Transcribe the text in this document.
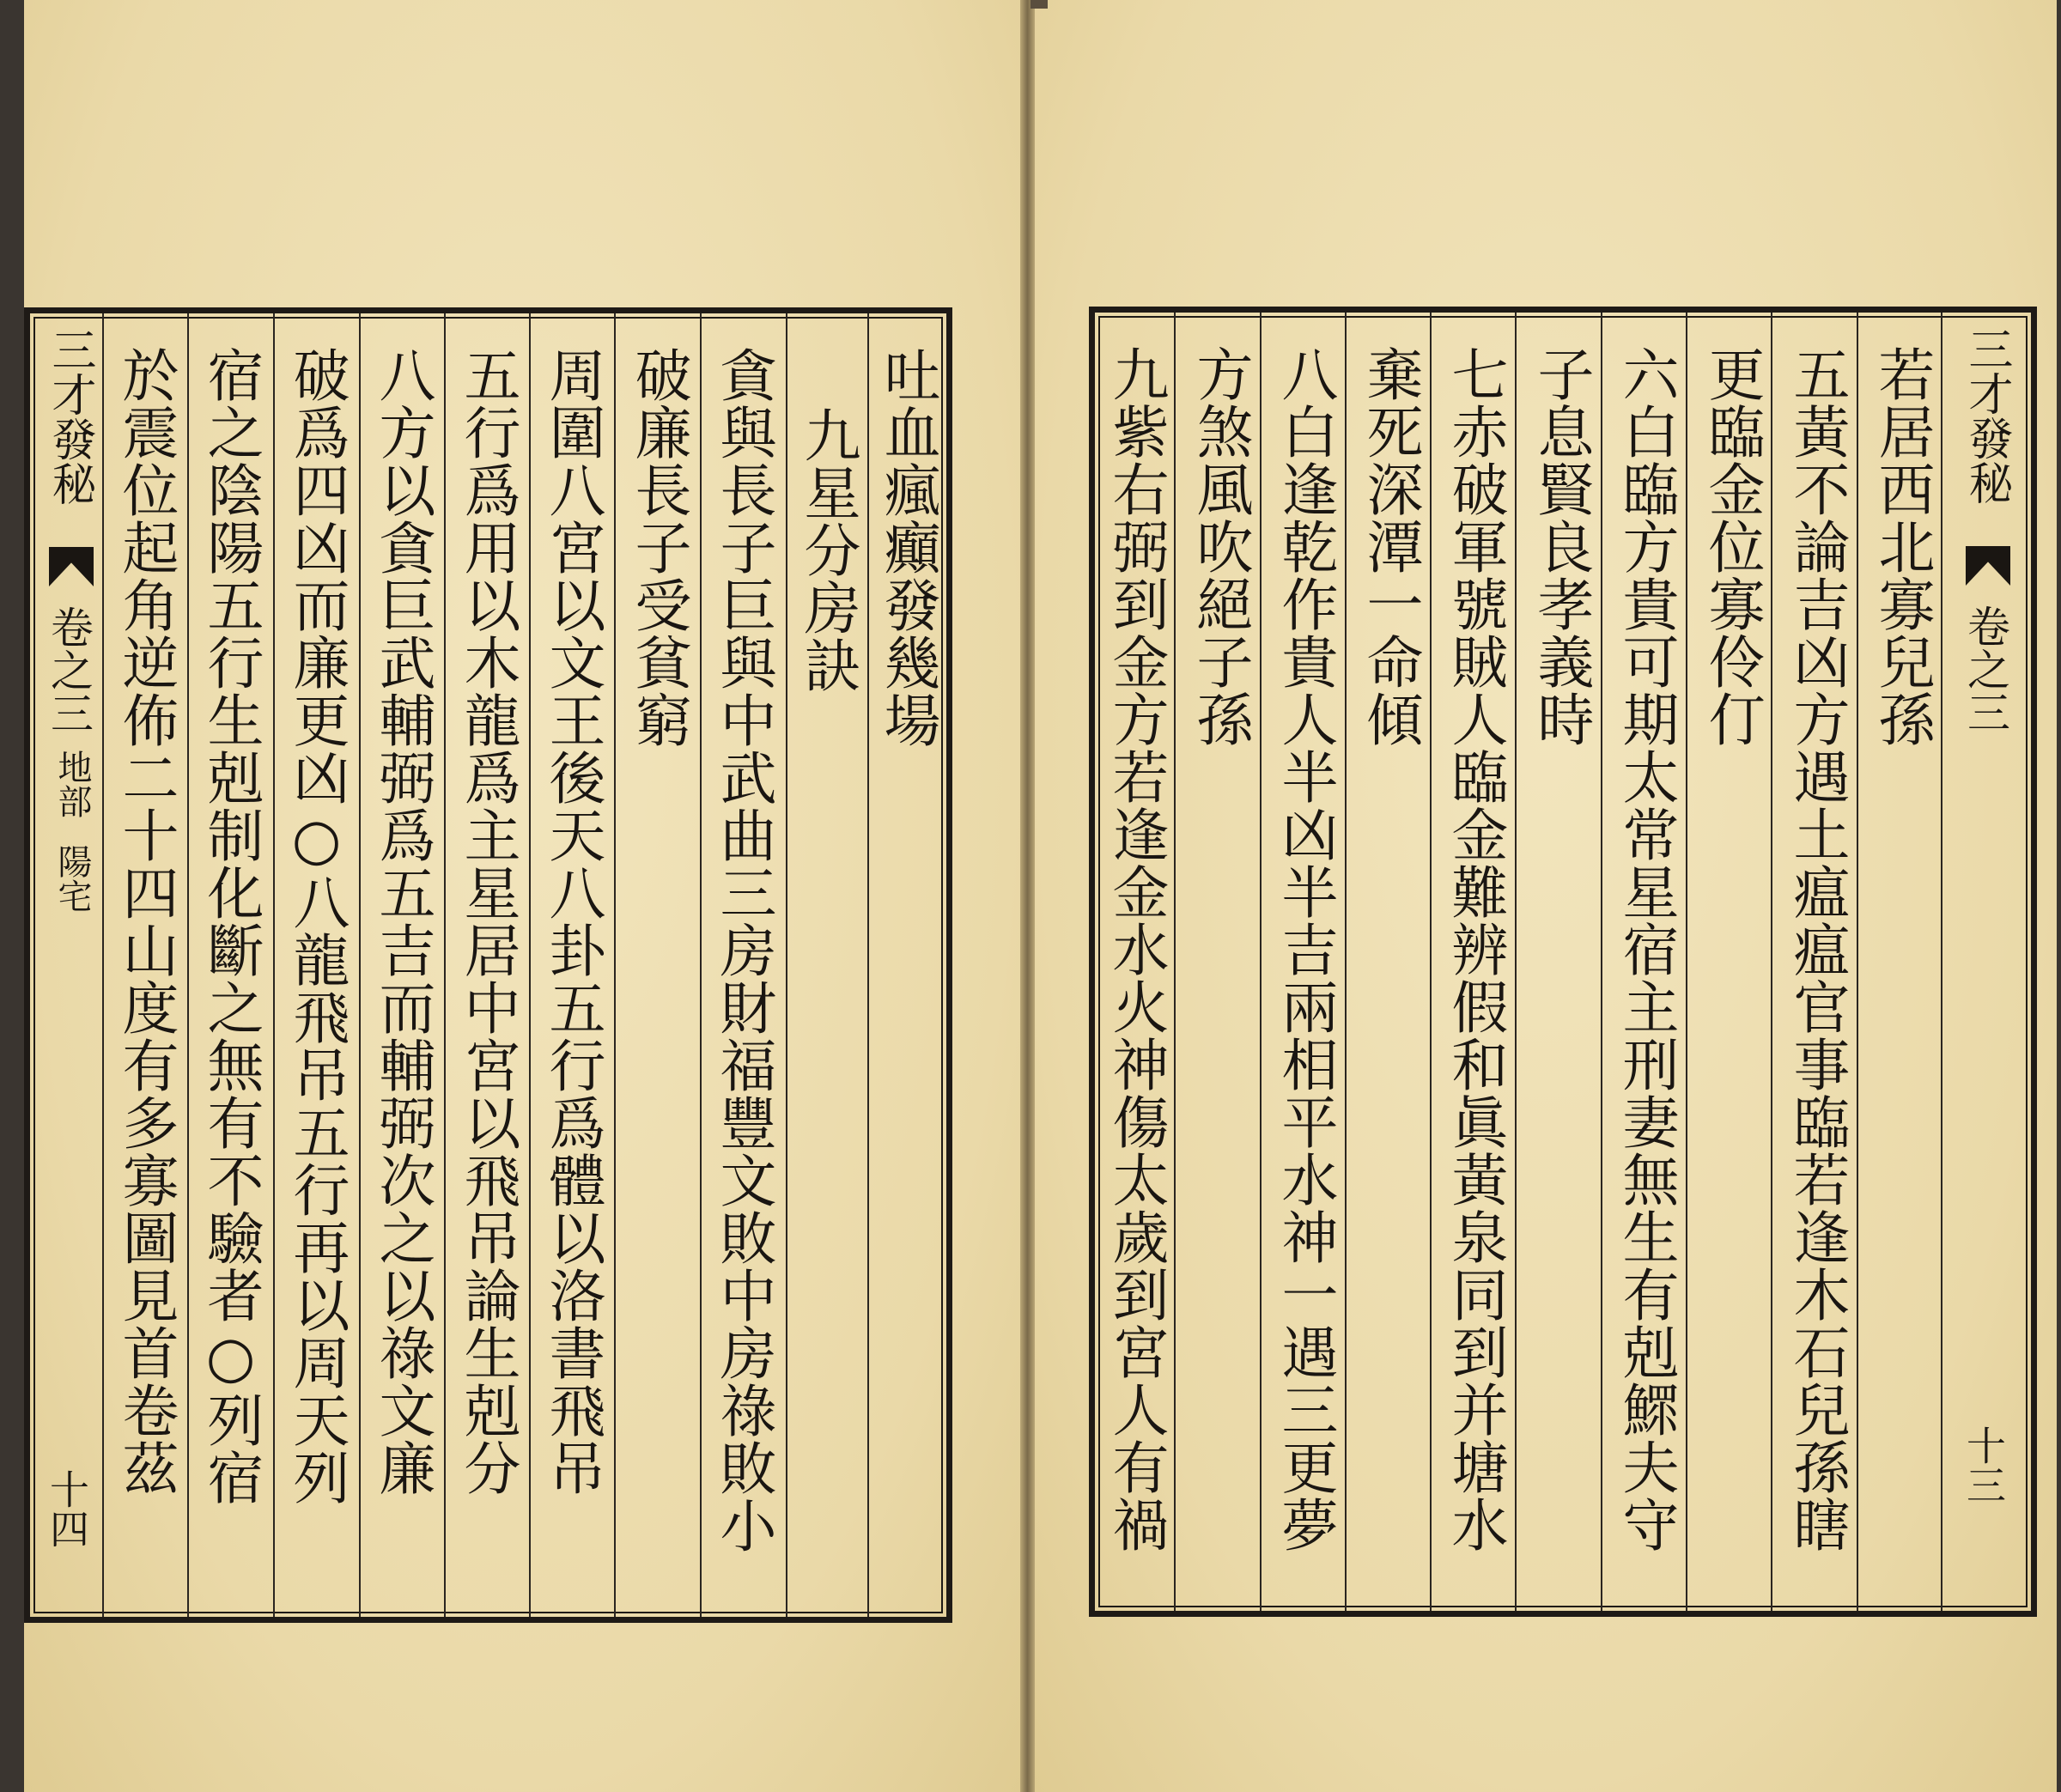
三才發秘
卷之三
地部
陽宅
十四
吐血瘋癲發幾場
九星分房訣
貪與長子巨與中武曲三房財福豐文敗中房祿敗小
破廉長子受貧窮
周圍八宮以文王後天八卦五行爲體以洛書飛吊
五行爲用以木龍爲主星居中宮以飛吊論生剋分
八方以貪巨武輔弼爲五吉而輔弼次之以祿文廉
破爲四凶而廉更凶○八龍飛吊五行再以周天列
宿之陰陽五行生剋制化斷之無有不驗者○列宿
於震位起角逆佈二十四山度有多寡圖見首卷茲	若居西北寡兒孫
五黃不論吉凶方遇土瘟瘟官事臨若逢木石兒孫瞎
更臨金位寡伶仃
六白臨方貴可期太常星宿主刑妻無生有剋鰥夫守
子息賢良孝義時
七赤破軍號賊人臨金難辨假和眞黃泉同到并塘水
棄死深潭一命傾
八白逢乾作貴人半凶半吉兩相平水神一遇三更夢
方煞風吹絕子孫
九紫右弼到金方若逢金水火神傷太歲到宮人有禍	三才發秘
卷之三
十三
